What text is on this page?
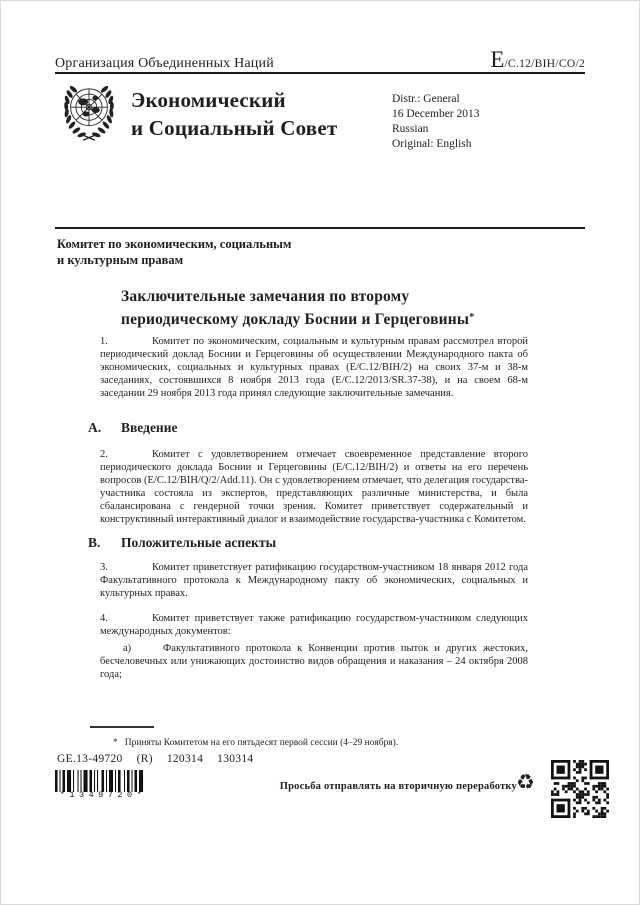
Организация Объединенных Наций	E/C.12/BIH/CO/2
Экономический
и Социальный Совет
Distr.: General
16 December 2013
Russian
Original: English
Комитет по экономическим, социальным
и культурным правам
Заключительные замечания по второму
периодическому докладу Боснии и Герцеговины*

1.	Комитет по экономическим, социальным и культурным правам рассмотрел второй периодический доклад Боснии и Герцеговины об осуществлении Международного пакта об экономических, социальных и культурных правах (E/C.12/BIH/2) на своих 37-м и 38-м заседаниях, состоявшихся 8 ноября 2013 года (E/C.12/2013/SR.37-38), и на своем 68-м заседании 29 ноября 2013 года принял следующие заключительные замечания.

A. Введение

2.	Комитет с удовлетворением отмечает своевременное представление второго периодического доклада Боснии и Герцеговины (E/C.12/BIH/2) и ответы на его перечень вопросов (E/C.12/BIH/Q/2/Add.11). Он с удовлетворением отмечает, что делегация государства-участника состояла из экспертов, представляющих различные министерства, и была сбалансирована с гендерной точки зрения. Комитет приветствует содержательный и конструктивный интерактивный диалог и взаимодействие государства-участника с Комитетом.

B. Положительные аспекты

3.	Комитет приветствует ратификацию государством-участником 18 января 2012 года Факультативного протокола к Международному пакту об экономических, социальных и культурных правах.

4.	Комитет приветствует также ратификацию государством-участником следующих международных документов:

a)	Факультативного протокола к Конвенции против пыток и других жестоких, бесчеловечных или унижающих достоинство видов обращения и наказания – 24 октября 2008 года;

* Приняты Комитетом на его пятьдесят первой сессии (4–29 ноября).
GE.13-49720 (R) 120314 130314
*1349720*
Просьба отправлять на вторичную переработку ♻
